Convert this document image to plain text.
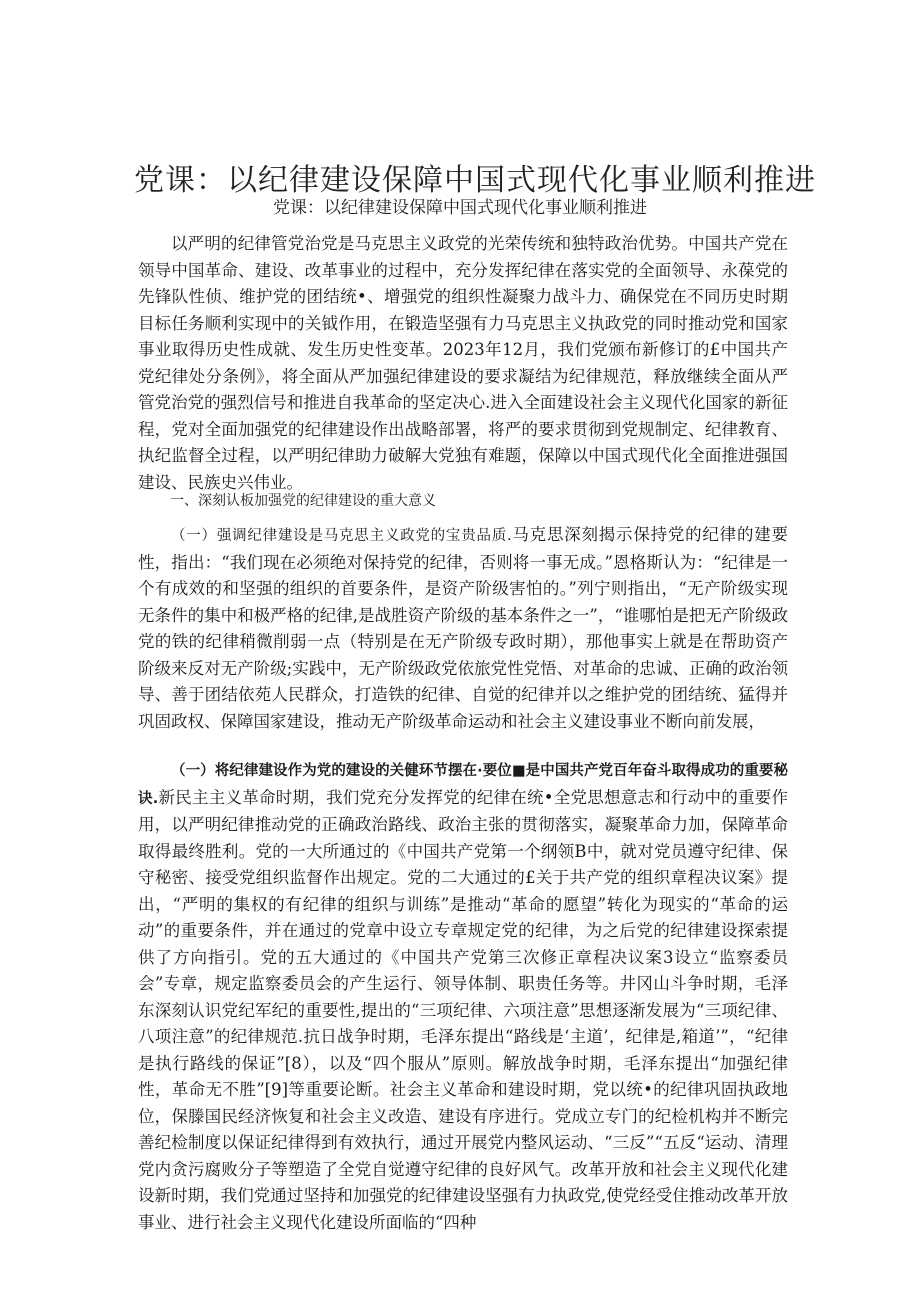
党课：以纪律建设保障中国式现代化事业顺利推进
党课：以纪律建设保障中国式现代化事业顺利推进

以严明的纪律管党治党是马克思主义政党的光荣传统和独特政治优势。中国共产党在领导中国革命、建设、改革事业的过程中，充分发挥纪律在落实党的全面领导、永葆党的先锋队性侦、维护党的团结统•、增强党的组织性凝聚力战斗力、确保党在不同历史时期目标任务顺利实现中的关钺作用，在锻造坚强有力马克思主义执政党的同时推动党和国家事业取得历史性成就、发生历史性变革。2023年12月，我们党颁布新修订的£中国共产党纪律处分条例》，将全面从严加强纪律建设的要求凝结为纪律规范，释放继续全面从严管党治党的强烈信号和推进自我革命的坚定决心.进入全面建设社会主义现代化国家的新征程，党对全面加强党的纪律建设作出战略部署，将严的要求贯彻到党规制定、纪律教育、执纪监督全过程，以严明纪律助力破解大党独有难题，保障以中国式现代化全面推进强国建设、民族史兴伟业。

一、深刻认板加强党的纪律建设的重大意义

（一）强调纪律建设是马克思主义政党的宝贵品质.马克思深刻揭示保持党的纪律的建要性，指出：“我们现在必须绝对保持党的纪律，否则将一事无成。”恩格斯认为：“纪律是一个有成效的和坚强的组织的首要条件，是资产阶级害怕的。”列宁则指出，“无产阶级实现无条件的集中和极严格的纪律,是战胜资产阶级的基本条件之一”，“谁哪怕是把无产阶级政党的铁的纪律稍微削弱一点（特别是在无产阶级专政时期），那他事实上就是在帮助资产阶级来反对无产阶级;实践中，无产阶级政党依旅党性党悟、对革命的忠诚、正确的政治领导、善于团结依苑人民群众，打造铁的纪律、自觉的纪律并以之维护党的团结统、猛得并巩固政权、保障国家建设，推动无产阶级革命运动和社会主义建设事业不断向前发展，

（一）将纪律建设作为党的建设的关健环节摆在·要位■是中国共产党百年奋斗取得成功的重要秘诀.新民主主义革命时期，我们党充分发挥党的纪律在统•全党思想意志和行动中的重要作用，以严明纪律推动党的正确政治路线、政治主张的贯彻落实，凝聚革命力加，保障革命取得最终胜利。党的一大所通过的《中国共产党第一个纲领B中，就对党员遵守纪律、保守秘密、接受党组织监督作出规定。党的二大通过的£关于共产党的组织章程决议案》提出，“严明的集权的有纪律的组织与训练”是推动“革命的愿望”转化为现实的“革命的运动”的重要条件，并在通过的党章中设立专章规定党的纪律，为之后党的纪律建设探索提供了方向指引。党的五大通过的《中国共产党第三次修正章程决议案3设立“监察委员会”专章，规定监察委员会的产生运行、领导体制、职贵任务等。井冈山斗争时期，毛泽东深刻认识党纪军纪的重要性,提出的“三项纪律、六项注意”思想逐渐发展为“三项纪律、八项注意”的纪律规范.抗日战争时期，毛泽东提出“路线是‘主道’，纪律是,箱道’”，“纪律是执行路线的保证”[8），以及“四个服从”原则。解放战争时期，毛泽东提出“加强纪律性，革命无不胜”[9]等重要论断。社会主义革命和建设时期，党以统•的纪律巩固执政地位，保滕国民经济恢复和社会主义改造、建设有序进行。党成立专门的纪检机构并不断完善纪检制度以保证纪律得到有效执行，通过开展党内整风运动、“三反”“五反“运动、清理党内贪污腐败分子等塑造了全党自觉遵守纪律的良好风气。改革开放和社会主义现代化建设新时期，我们党通过坚持和加强党的纪律建设坚强有力执政党,使党经受住推动改革开放事业、进行社会主义现代化建设所面临的“四种
